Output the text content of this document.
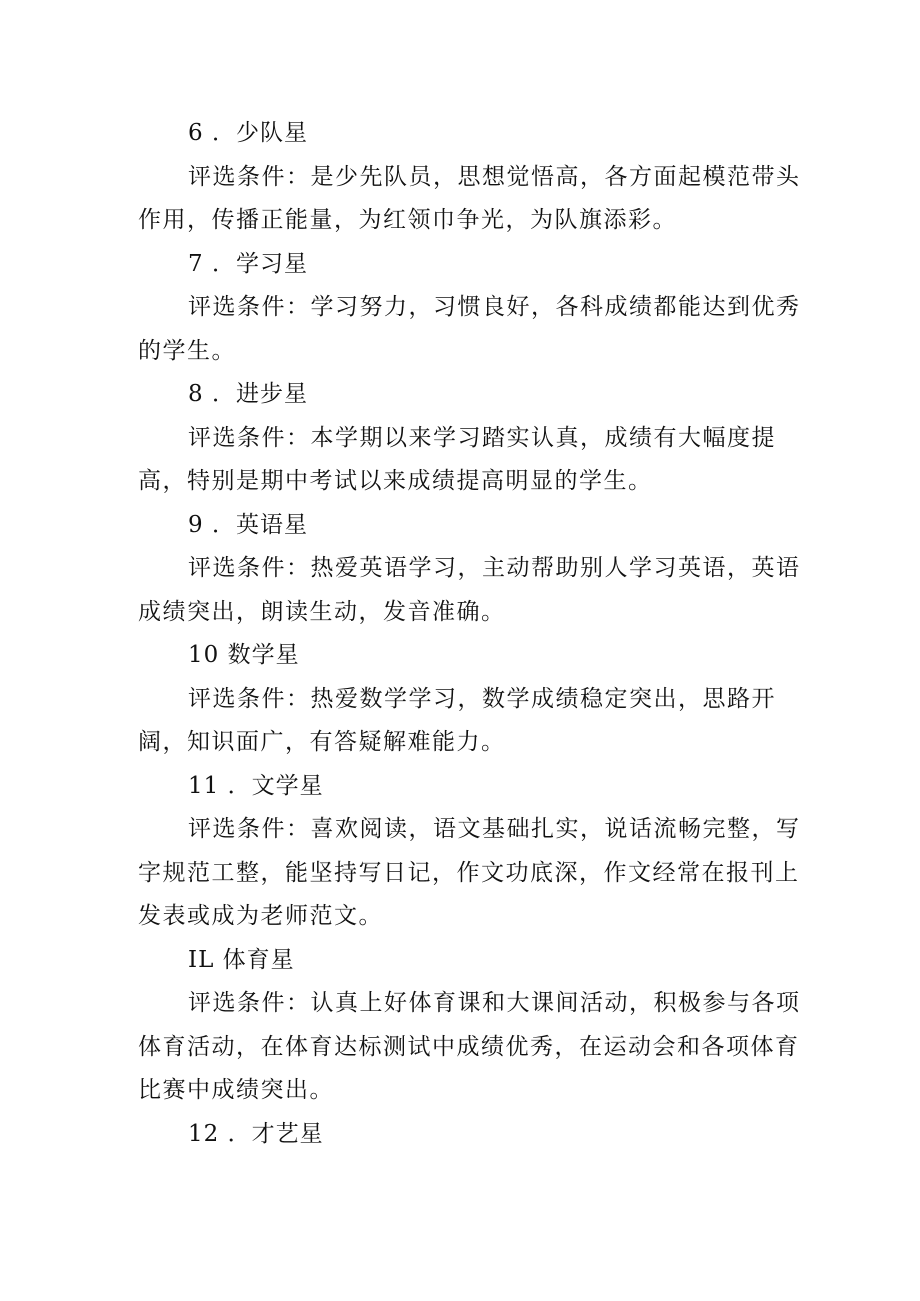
6 ．少队星
评选条件：是少先队员，思想觉悟高，各方面起模范带头
作用，传播正能量，为红领巾争光，为队旗添彩。
7 ．学习星
评选条件：学习努力，习惯良好，各科成绩都能达到优秀
的学生。
8 ．进步星
评选条件：本学期以来学习踏实认真，成绩有大幅度提
高，特别是期中考试以来成绩提高明显的学生。
9 ．英语星
评选条件：热爱英语学习，主动帮助别人学习英语，英语
成绩突出，朗读生动，发音准确。
10 数学星
评选条件：热爱数学学习，数学成绩稳定突出，思路开
阔，知识面广，有答疑解难能力。
11 ．文学星
评选条件：喜欢阅读，语文基础扎实，说话流畅完整，写
字规范工整，能坚持写日记，作文功底深，作文经常在报刊上
发表或成为老师范文。
IL 体育星
评选条件：认真上好体育课和大课间活动，积极参与各项
体育活动，在体育达标测试中成绩优秀，在运动会和各项体育
比赛中成绩突出。
12 ．才艺星
